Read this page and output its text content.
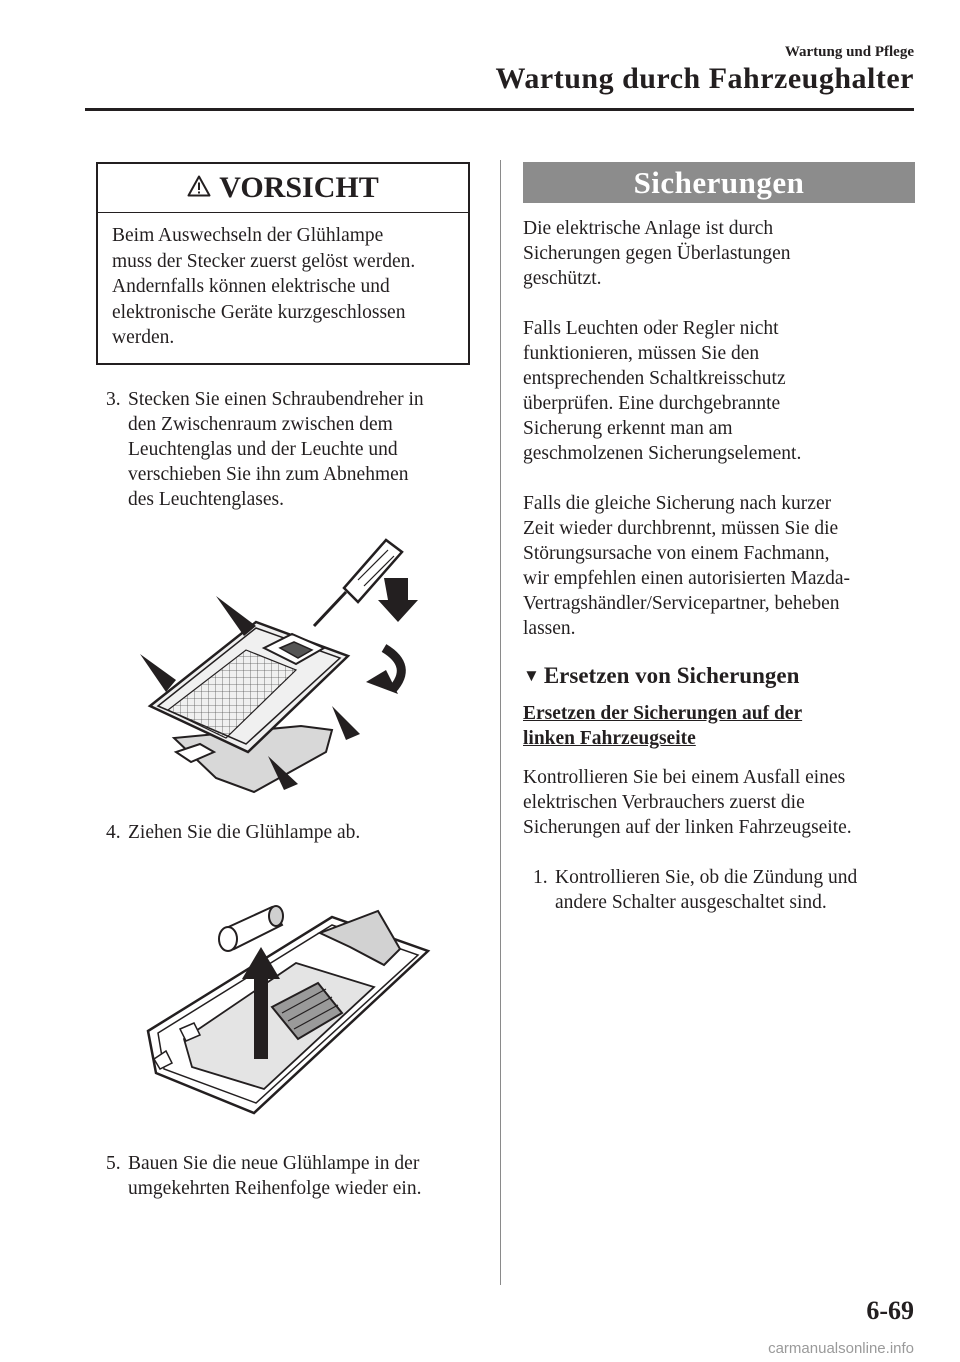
Wartung und Pflege
Wartung durch Fahrzeughalter
VORSICHT
Beim Auswechseln der Glühlampe
muss der Stecker zuerst gelöst werden.
Andernfalls können elektrische und
elektronische Geräte kurzgeschlossen
werden.
3. Stecken Sie einen Schraubendreher in
den Zwischenraum zwischen dem
Leuchtenglas und der Leuchte und
verschieben Sie ihn zum Abnehmen
des Leuchtenglases.
4. Ziehen Sie die Glühlampe ab.
5. Bauen Sie die neue Glühlampe in der
umgekehrten Reihenfolge wieder ein.
Sicherungen
Die elektrische Anlage ist durch
Sicherungen gegen Überlastungen
geschützt.
Falls Leuchten oder Regler nicht
funktionieren, müssen Sie den
entsprechenden Schaltkreisschutz
überprüfen. Eine durchgebrannte
Sicherung erkennt man am
geschmolzenen Sicherungselement.
Falls die gleiche Sicherung nach kurzer
Zeit wieder durchbrennt, müssen Sie die
Störungsursache von einem Fachmann,
wir empfehlen einen autorisierten Mazda-
Vertragshändler/Servicepartner, beheben
lassen.
▼ Ersetzen von Sicherungen
Ersetzen der Sicherungen auf der
linken Fahrzeugseite
Kontrollieren Sie bei einem Ausfall eines
elektrischen Verbrauchers zuerst die
Sicherungen auf der linken Fahrzeugseite.
1. Kontrollieren Sie, ob die Zündung und
andere Schalter ausgeschaltet sind.
6-69
carmanualsonline.info
